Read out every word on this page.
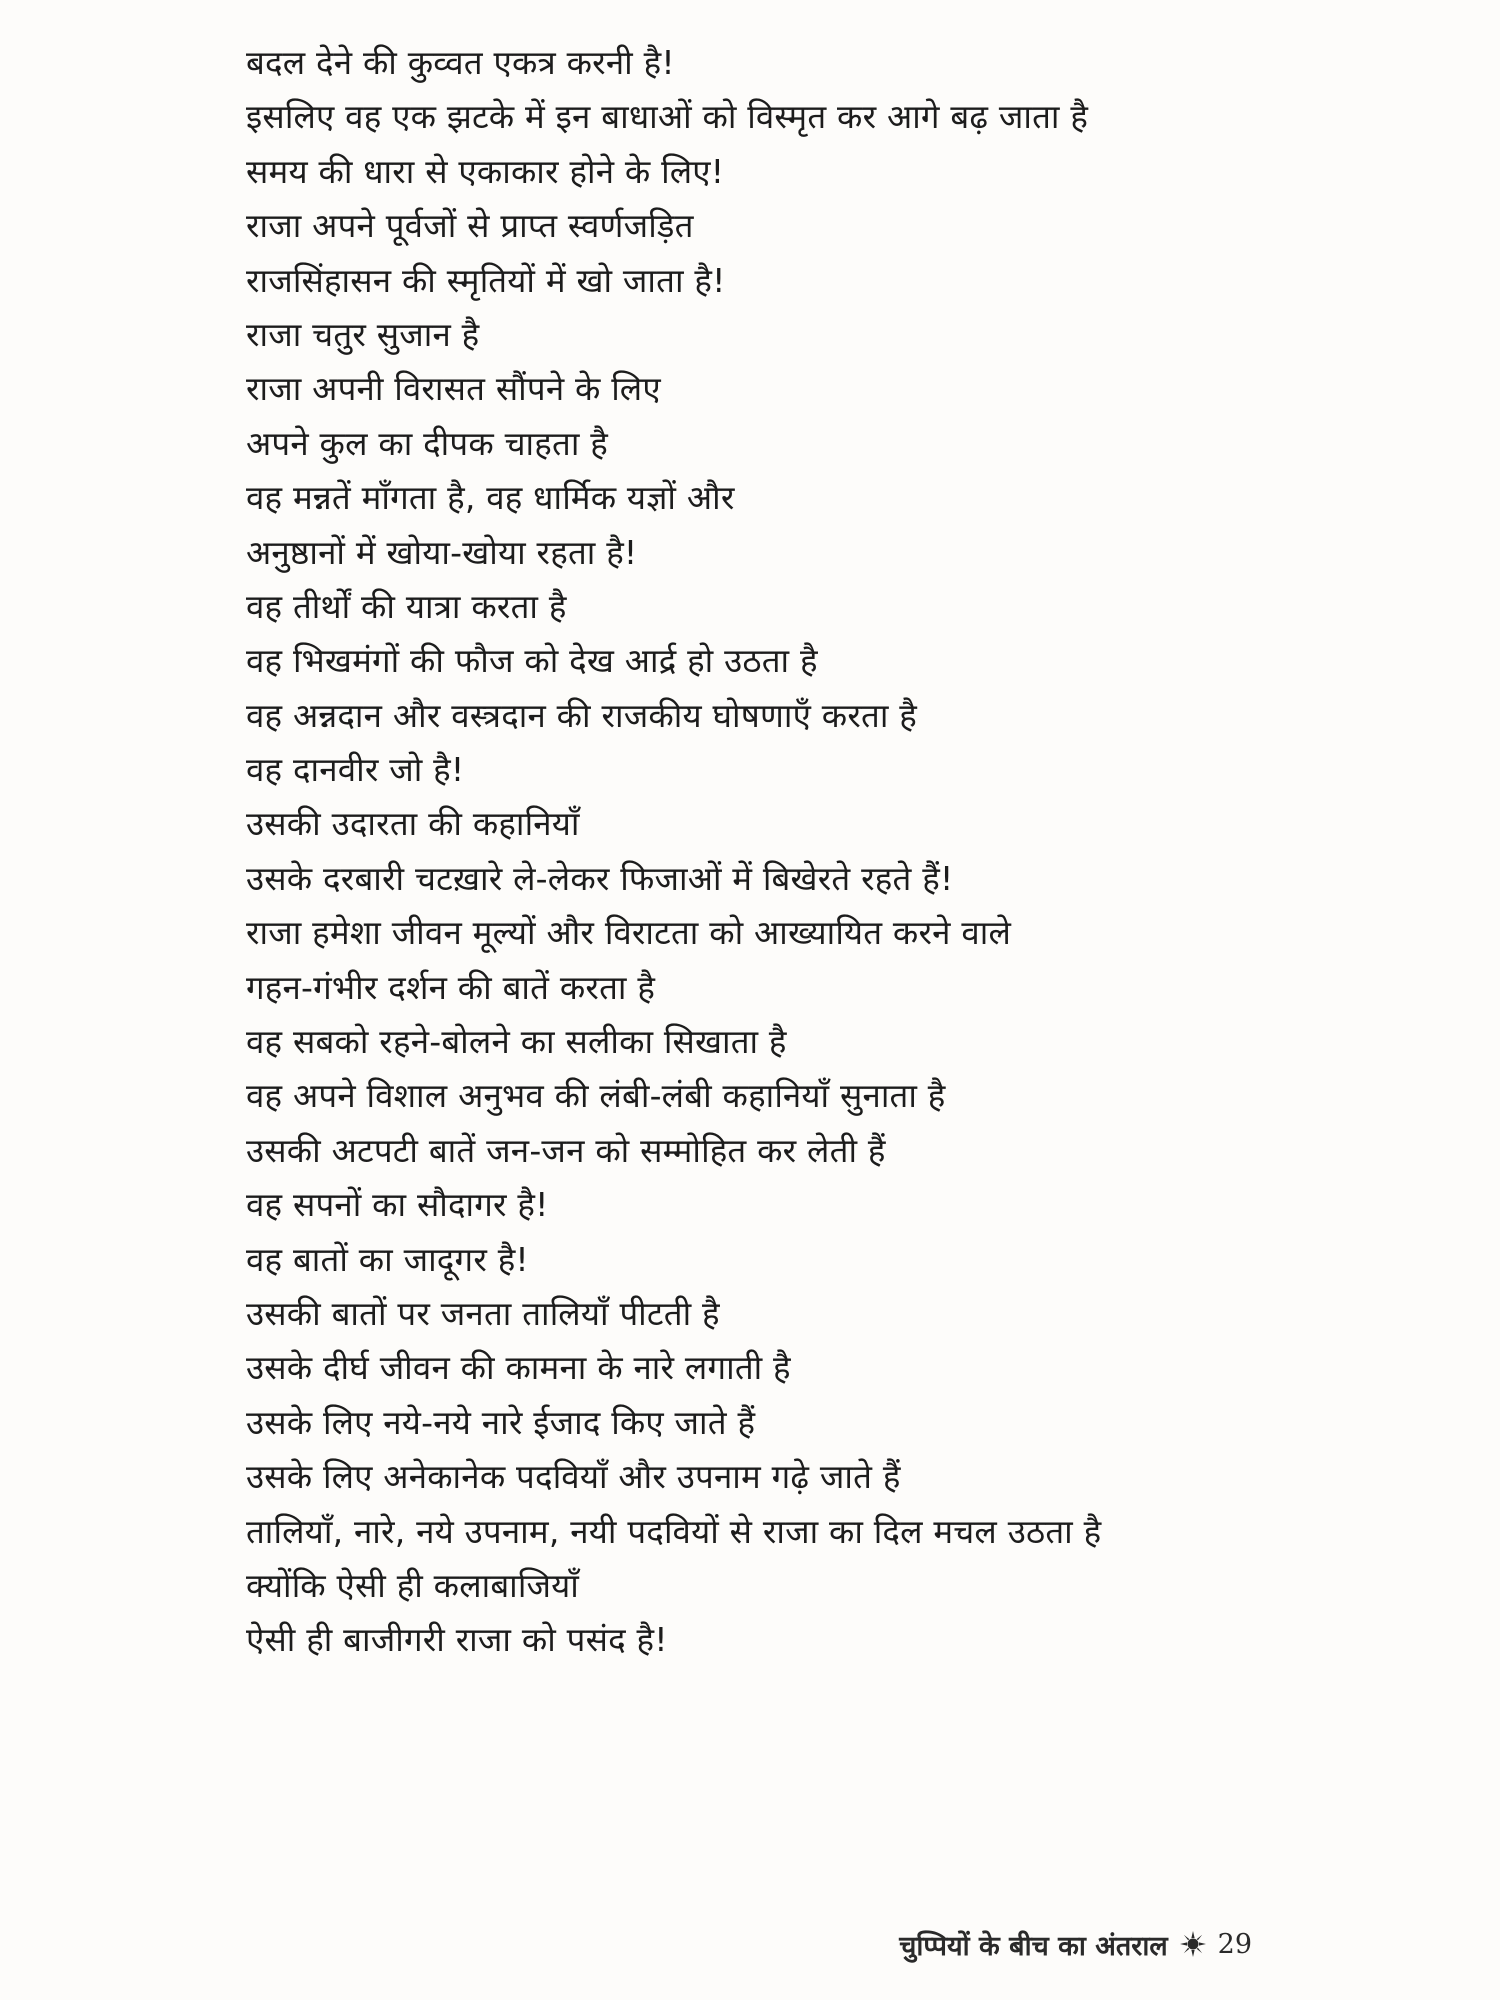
बदल देने की कुव्वत एकत्र करनी है!
इसलिए वह एक झटके में इन बाधाओं को विस्मृत कर आगे बढ़ जाता है
समय की धारा से एकाकार होने के लिए!
राजा अपने पूर्वजों से प्राप्त स्वर्णजड़ित
राजसिंहासन की स्मृतियों में खो जाता है!
राजा चतुर सुजान है
राजा अपनी विरासत सौंपने के लिए
अपने कुल का दीपक चाहता है
वह मन्नतें माँगता है, वह धार्मिक यज्ञों और
अनुष्ठानों में खोया-खोया रहता है!
वह तीर्थों की यात्रा करता है
वह भिखमंगों की फौज को देख आर्द्र हो उठता है
वह अन्नदान और वस्त्रदान की राजकीय घोषणाएँ करता है
वह दानवीर जो है!
उसकी उदारता की कहानियाँ
उसके दरबारी चटख़ारे ले-लेकर फिजाओं में बिखेरते रहते हैं!
राजा हमेशा जीवन मूल्यों और विराटता को आख्यायित करने वाले
गहन-गंभीर दर्शन की बातें करता है
वह सबको रहने-बोलने का सलीका सिखाता है
वह अपने विशाल अनुभव की लंबी-लंबी कहानियाँ सुनाता है
उसकी अटपटी बातें जन-जन को सम्मोहित कर लेती हैं
वह सपनों का सौदागर है!
वह बातों का जादूगर है!
उसकी बातों पर जनता तालियाँ पीटती है
उसके दीर्घ जीवन की कामना के नारे लगाती है
उसके लिए नये-नये नारे ईजाद किए जाते हैं
उसके लिए अनेकानेक पदवियाँ और उपनाम गढ़े जाते हैं
तालियाँ, नारे, नये उपनाम, नयी पदवियों से राजा का दिल मचल उठता है
क्योंकि ऐसी ही कलाबाजियाँ
ऐसी ही बाजीगरी राजा को पसंद है!
चुप्पियों के बीच का अंतराल 29
